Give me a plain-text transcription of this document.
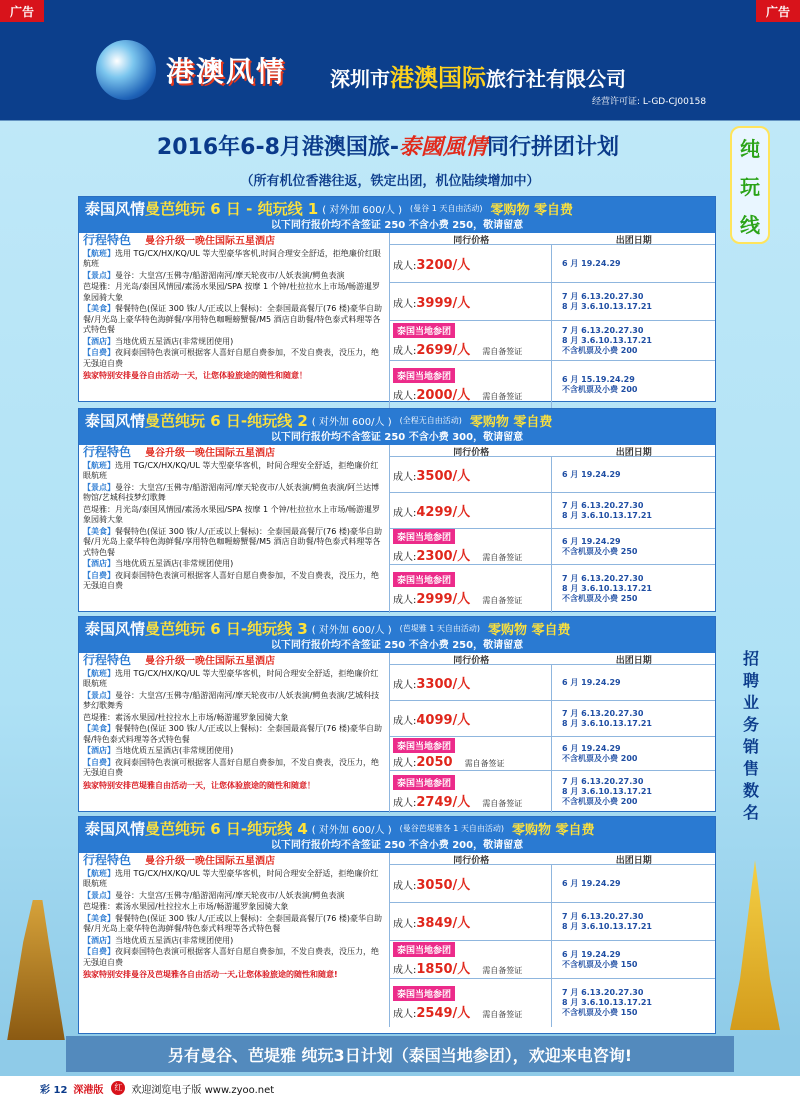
广告	广告
港澳风情 深圳市港澳国际旅行社有限公司
经营许可证: L-GD-CJ00158
2016年6-8月港澳国旅-泰國風情同行拼团计划
（所有机位香港往返，铁定出团，机位陆续增加中）
纯
玩
线
招聘业务销售数名
泰国风情曼芭纯玩 6 日 - 纯玩线 1 ( 对外加 600/人 ) (曼谷 1 天自由活动) 零购物 零自费
以下同行报价均不含签证 250 不含小费 250，敬请留意
行程特色 曼谷升级一晚住国际五星酒店

【航班】选用 TG/CX/HX/KQ/UL 等大型豪华客机,时间合理安全舒适，拒绝廉价红眼航班

【景点】曼谷：大皇宫/玉佛寺/船游湄南河/摩天轮夜市/人妖表演/鳄鱼表演

芭堤雅：月光岛/泰国风情园/素汤水果园/SPA 按摩 1 个钟/杜拉拉水上市场/畅游暹罗象园骑大象

【美食】餐餐特色(保证 300 铢/人/正或以上餐标)：全泰国最高餐厅(76 楼)豪华自助餐/月光岛上豪华特色海鲜餐/享用特色咖喱螃蟹餐/M5 酒店自助餐/特色泰式料理等各式特色餐

【酒店】当地优质五星酒店(非常规团使用)

【自费】夜间泰国特色表演可根据客人喜好自愿自费参加，不发自费表，没压力，绝无强迫自费

独家特别安排曼谷自由活动一天，让您体验旅途的随性和随意！
同行价格	出团日期
成人:3200/人	6 月 19.24.29
成人:3999/人	7 月 6.13.20.27.30
8 月 3.6.10.13.17.21
泰国当地参团
成人:2699/人 需自备签证
7 月 6.13.20.27.30
8 月 3.6.10.13.17.21
不含机票及小费 200
泰国当地参团
成人:2000/人 需自备签证
6 月 15.19.24.29
不含机票及小费 200
泰国风情曼芭纯玩 6 日-纯玩线 2 ( 对外加 600/人 ) (全程无自由活动) 零购物 零自费
以下同行报价均不含签证 250 不含小费 300，敬请留意
行程特色 曼谷升级一晚住国际五星酒店

【航班】选用 TG/CX/HX/KQ/UL 等大型豪华客机，时间合理安全舒适，拒绝廉价红眼航班

【景点】曼谷：大皇宫/玉佛寺/船游湄南河/摩天轮夜市/人妖表演/鳄鱼表演/阿兰达博物馆/艺城科技梦幻歌舞

芭堤雅：月光岛/泰国风情园/素汤水果园/SPA 按摩 1 个钟/杜拉拉水上市场/畅游暹罗象园骑大象

【美食】餐餐特色(保证 300 铢/人/正或以上餐标)：全泰国最高餐厅(76 楼)豪华自助餐/月光岛上豪华特色海鲜餐/享用特色咖喱螃蟹餐/M5 酒店自助餐/特色泰式料理等各式特色餐

【酒店】当地优质五星酒店(非常规团使用)

【自费】夜间泰国特色表演可根据客人喜好自愿自费参加，不发自费表，没压力，绝无强迫自费

同行价格	出团日期
成人:3500/人	6 月 19.24.29
成人:4299/人	7 月 6.13.20.27.30
8 月 3.6.10.13.17.21
泰国当地参团
成人:2300/人 需自备签证
6 月 19.24.29
不含机票及小费 250
泰国当地参团
成人:2999/人 需自备签证
7 月 6.13.20.27.30
8 月 3.6.10.13.17.21
不含机票及小费 250
泰国风情曼芭纯玩 6 日-纯玩线 3 ( 对外加 600/人 ) (芭堤雅 1 天自由活动) 零购物 零自费
以下同行报价均不含签证 250 不含小费 250，敬请留意
行程特色 曼谷升级一晚住国际五星酒店

【航班】选用 TG/CX/HX/KQ/UL 等大型豪华客机，时间合理安全舒适，拒绝廉价红眼航班

【景点】曼谷：大皇宫/玉佛寺/船游湄南河/摩天轮夜市/人妖表演/鳄鱼表演/艺城科技梦幻歌舞秀

芭堤雅：素汤水果园/杜拉拉水上市场/畅游暹罗象园骑大象

【美食】餐餐特色(保证 300 铢/人/正或以上餐标)：全泰国最高餐厅(76 楼)豪华自助餐/特色泰式料理等各式特色餐

【酒店】当地优质五星酒店(非常规团使用)

【自费】夜间泰国特色表演可根据客人喜好自愿自费参加，不发自费表，没压力，绝无强迫自费

独家特别安排芭堤雅自由活动一天，让您体验旅途的随性和随意！
同行价格	出团日期
成人:3300/人	6 月 19.24.29
成人:4099/人	7 月 6.13.20.27.30
8 月 3.6.10.13.17.21
泰国当地参团
成人:2050 需自备签证
6 月 19.24.29
不含机票及小费 200
泰国当地参团
成人:2749/人 需自备签证
7 月 6.13.20.27.30
8 月 3.6.10.13.17.21
不含机票及小费 200
泰国风情曼芭纯玩 6 日-纯玩线 4 ( 对外加 600/人 ) (曼谷芭堤雅各 1 天自由活动) 零购物 零自费
以下同行报价均不含签证 250 不含小费 200，敬请留意
行程特色 曼谷升级一晚住国际五星酒店

【航班】选用 TG/CX/HX/KQ/UL 等大型豪华客机，时间合理安全舒适，拒绝廉价红眼航班

【景点】曼谷：大皇宫/玉佛寺/船游湄南河/摩天轮夜市/人妖表演/鳄鱼表演

芭堤雅：素汤水果园/杜拉拉水上市场/畅游暹罗象园骑大象

【美食】餐餐特色(保证 300 铢/人/正或以上餐标)：全泰国最高餐厅(76 楼)豪华自助餐/月光岛上豪华特色海鲜餐/特色泰式料理等各式特色餐

【酒店】当地优质五星酒店(非常规团使用)

【自费】夜间泰国特色表演可根据客人喜好自愿自费参加，不发自费表，没压力，绝无强迫自费

独家特别安排曼谷及芭堤雅各自由活动一天,让您体验旅途的随性和随意!
同行价格	出团日期
成人:3050/人	6 月 19.24.29
成人:3849/人	7 月 6.13.20.27.30
8 月 3.6.10.13.17.21
泰国当地参团
成人:1850/人 需自备签证
6 月 19.24.29
不含机票及小费 150
泰国当地参团
成人:2549/人 需自备签证
7 月 6.13.20.27.30
8 月 3.6.10.13.17.21
不含机票及小费 150
另有曼谷、芭堤雅 纯玩3日计划（泰国当地参团），欢迎来电咨询!
彩 12 深港版	红 欢迎浏览电子版 www.zyoo.net
